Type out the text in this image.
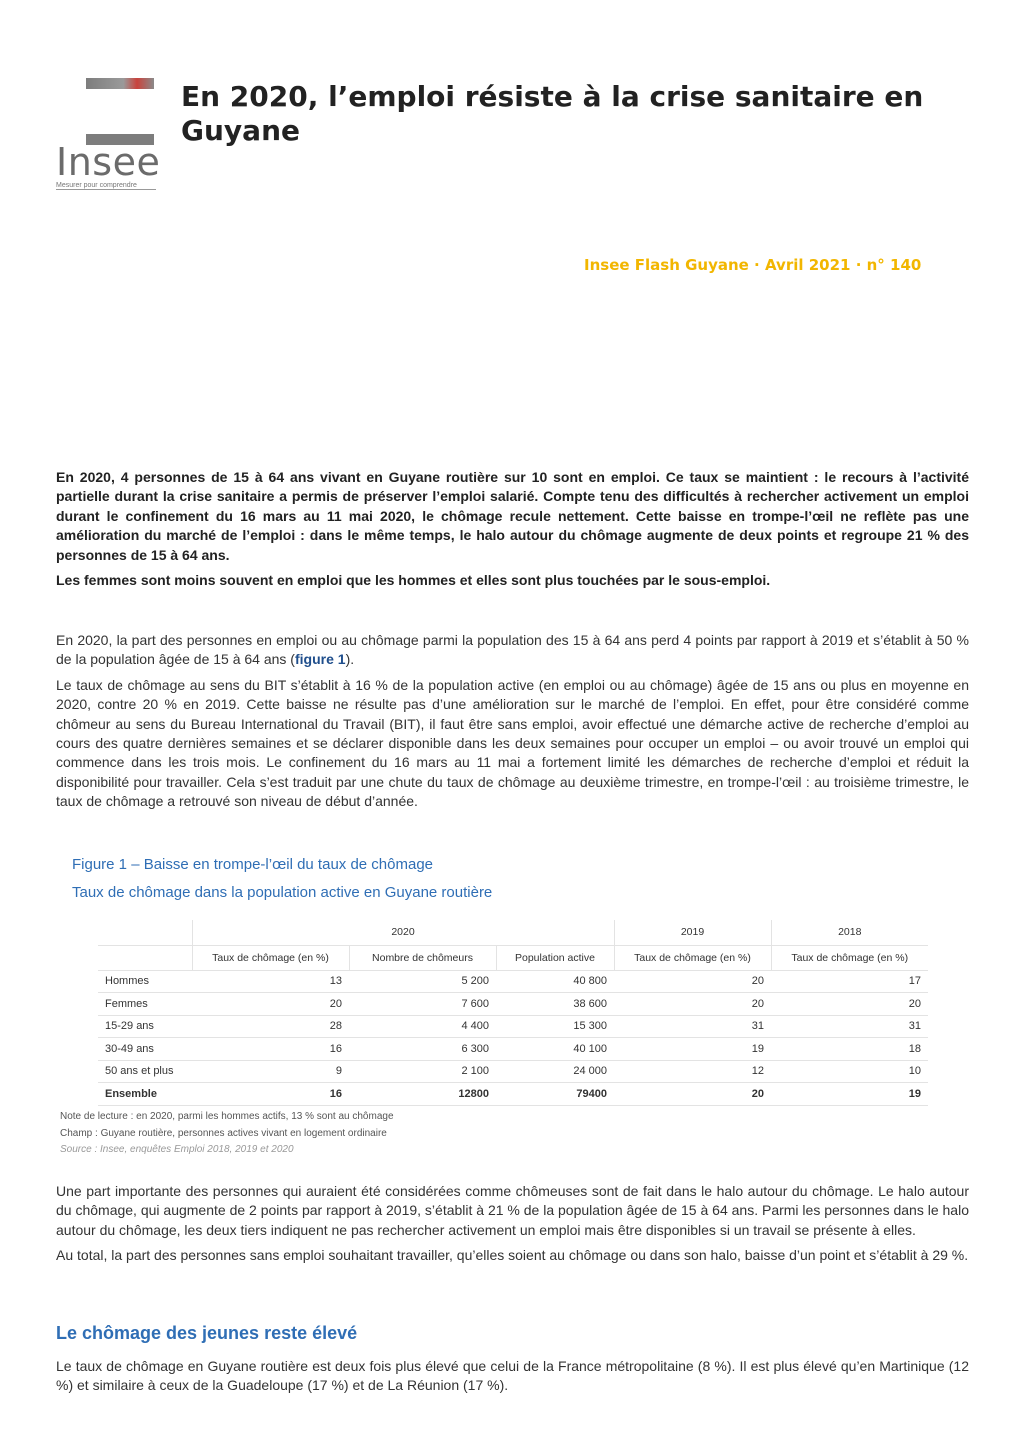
Insee
Mesurer pour comprendre
En 2020, l’emploi résiste à la crise sanitaire en Guyane
Insee Flash Guyane · Avril 2021 · n° 140

En 2020, 4 personnes de 15 à 64 ans vivant en Guyane routière sur 10 sont en emploi. Ce taux se maintient : le recours à l’activité partielle durant la crise sanitaire a permis de préserver l’emploi salarié. Compte tenu des difficultés à rechercher activement un emploi durant le confinement du 16 mars au 11 mai 2020, le chômage recule nettement. Cette baisse en trompe-l’œil ne reflète pas une amélioration du marché de l’emploi : dans le même temps, le halo autour du chômage augmente de deux points et regroupe 21 % des personnes de 15 à 64 ans.

Les femmes sont moins souvent en emploi que les hommes et elles sont plus touchées par le sous-emploi.

En 2020, la part des personnes en emploi ou au chômage parmi la population des 15 à 64 ans perd 4 points par rapport à 2019 et s’établit à 50 % de la population âgée de 15 à 64 ans (figure 1).

Le taux de chômage au sens du BIT s’établit à 16 % de la population active (en emploi ou au chômage) âgée de 15 ans ou plus en moyenne en 2020, contre 20 % en 2019. Cette baisse ne résulte pas d’une amélioration sur le marché de l’emploi. En effet, pour être considéré comme chômeur au sens du Bureau International du Travail (BIT), il faut être sans emploi, avoir effectué une démarche active de recherche d’emploi au cours des quatre dernières semaines et se déclarer disponible dans les deux semaines pour occuper un emploi – ou avoir trouvé un emploi qui commence dans les trois mois. Le confinement du 16 mars au 11 mai a fortement limité les démarches de recherche d’emploi et réduit la disponibilité pour travailler. Cela s’est traduit par une chute du taux de chômage au deuxième trimestre, en trompe-l’œil : au troisième trimestre, le taux de chômage a retrouvé son niveau de début d’année.

Figure 1 – Baisse en trompe-l’œil du taux de chômage
Taux de chômage dans la population active en Guyane routière
	2020			2019	2018
	Taux de chômage (en %)	Nombre de chômeurs	Population active	Taux de chômage (en %)	Taux de chômage (en %)
Hommes	13	5 200	40 800	20	17
Femmes	20	7 600	38 600	20	20
15-29 ans	28	4 400	15 300	31	31
30-49 ans	16	6 300	40 100	19	18
50 ans et plus	9	2 100	24 000	12	10
Ensemble	16	12800	79400	20	19
Note de lecture : en 2020, parmi les hommes actifs, 13 % sont au chômage
Champ : Guyane routière, personnes actives vivant en logement ordinaire
Source : Insee, enquêtes Emploi 2018, 2019 et 2020

Une part importante des personnes qui auraient été considérées comme chômeuses sont de fait dans le halo autour du chômage. Le halo autour du chômage, qui augmente de 2 points par rapport à 2019, s’établit à 21 % de la population âgée de 15 à 64 ans. Parmi les personnes dans le halo autour du chômage, les deux tiers indiquent ne pas rechercher activement un emploi mais être disponibles si un travail se présente à elles.

Au total, la part des personnes sans emploi souhaitant travailler, qu’elles soient au chômage ou dans son halo, baisse d’un point et s’établit à 29 %.

Le chômage des jeunes reste élevé

Le taux de chômage en Guyane routière est deux fois plus élevé que celui de la France métropolitaine (8 %). Il est plus élevé qu’en Martinique (12 %) et similaire à ceux de la Guadeloupe (17 %) et de La Réunion (17 %).
